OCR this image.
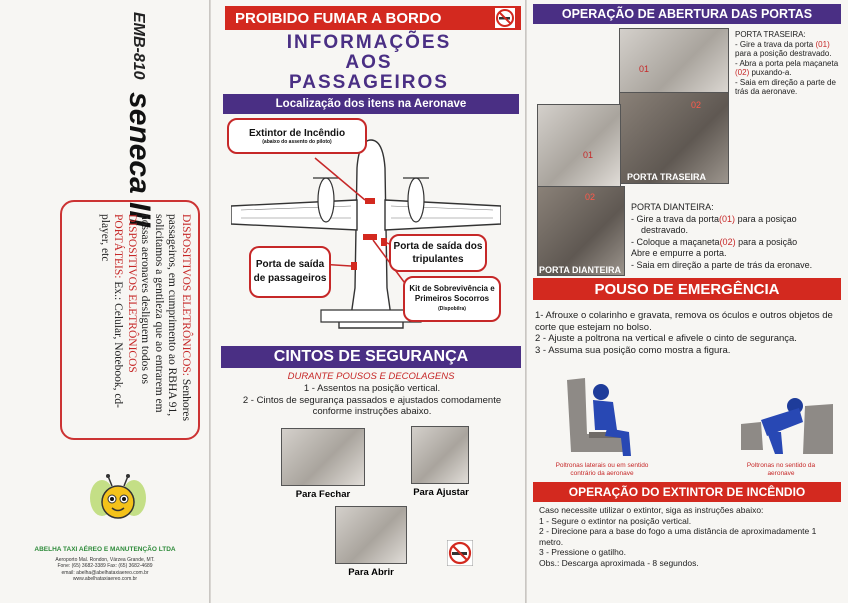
EMB-810 seneca III
DISPOSITIVOS ELETRÔNICOS: Senhores passageiros, em cumprimento ao RBHA 91, solicitamos a gentileza que ao entrarem em nossas aeronaves desliguem todos os DISPOSITIVOS ELETRÔNICOS PORTÁTEIS: Ex.: Celular, Notebook, cd-player, etc
ABELHA TAXI AÉREO E MANUTENÇÃO LTDA
Aeroporto Mal. Rondon, Várzea Grande, MT.
Fone: (65) 3682-3389 Fax: (65) 3682-4689
email: abelha@abelhataxiaereo.com.br
www.abelhataxiaereo.com.br
PROIBIDO FUMAR A BORDO
INFORMAÇÕES
AOS
PASSAGEIROS
Localização dos itens na Aeronave
Extintor de Incêndio
(abaixo do assento do piloto)
Porta de saída dos tripulantes
Porta de saída de passageiros
Kit de Sobrevivência e Primeiros Socorros
(Dispobilra)
CINTOS DE SEGURANÇA
DURANTE POUSOS E DECOLAGENS
1 - Assentos na posição vertical.
2 - Cintos de segurança passados e ajustados comodamente conforme instruções abaixo.
Para Fechar	Para Ajustar
Para Abrir
OPERAÇÃO DE ABERTURA DAS PORTAS
01
02
PORTA TRASEIRA
01
02
PORTA DIANTEIRA
PORTA TRASEIRA:
- Gire a trava da porta (01) para a posição destravado.
- Abra a porta pela maçaneta (02) puxando-a.
- Saia em direção a parte de trás da aeronave.
PORTA DIANTEIRA:
- Gire a trava da porta(01) para a posiçao
destravado.
- Coloque a maçaneta(02) para a posição
Abre e empurre a porta.
- Saia em direção a parte de trás da eronave.
POUSO DE EMERGÊNCIA
1- Afrouxe o colarinho e gravata, remova os óculos e outros objetos de corte que estejam no bolso.
2 - Ajuste a poltrona na vertical e afivele o cinto de segurança.
3 - Assuma sua posição como mostra a figura.
Poltronas laterais ou em sentido contrário da aeronave
Poltronas no sentido da aeronave
OPERAÇÃO DO EXTINTOR DE INCÊNDIO
Caso necessite utilizar o extintor, siga as instruções abaixo:
1 - Segure o extintor na posição vertical.
2 - Direcione para a base do fogo a uma distância de aproximadamente 1 metro.
3 - Pressione o gatilho.
Obs.: Descarga aproximada - 8 segundos.
